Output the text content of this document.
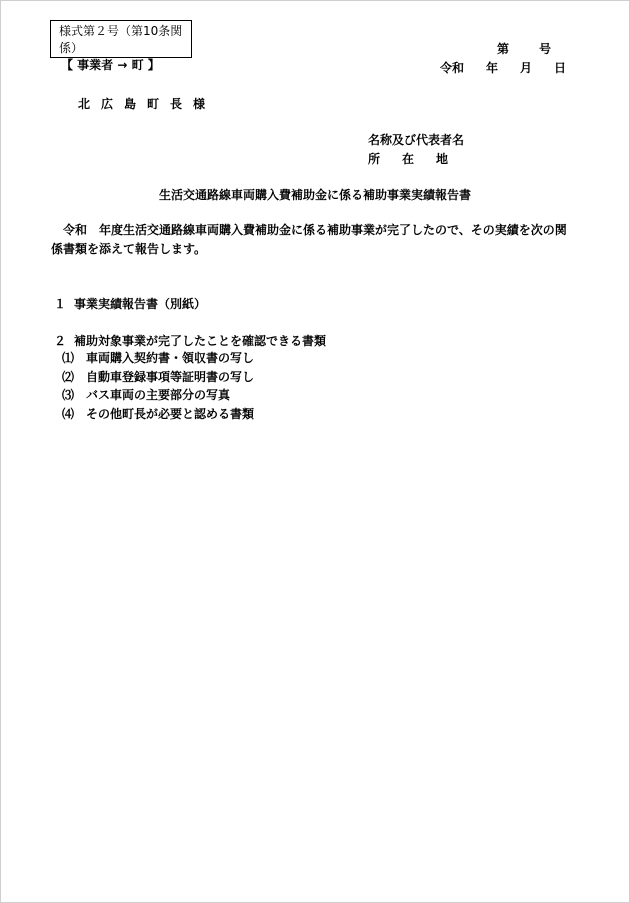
様式第２号（第10条関係）
【 事業者 → 町 】
第	号
令和 年 月 日
北広島町長様
名称及び代表者名
所在地
生活交通路線車両購入費補助金に係る補助事業実績報告書
令和　年度生活交通路線車両購入費補助金に係る補助事業が完了したので、その実績を次の関係書類を添えて報告します。
１ 事業実績報告書（別紙）
２ 補助対象事業が完了したことを確認できる書類
⑴ 車両購入契約書・領収書の写し
⑵ 自動車登録事項等証明書の写し
⑶ バス車両の主要部分の写真
⑷ その他町長が必要と認める書類
